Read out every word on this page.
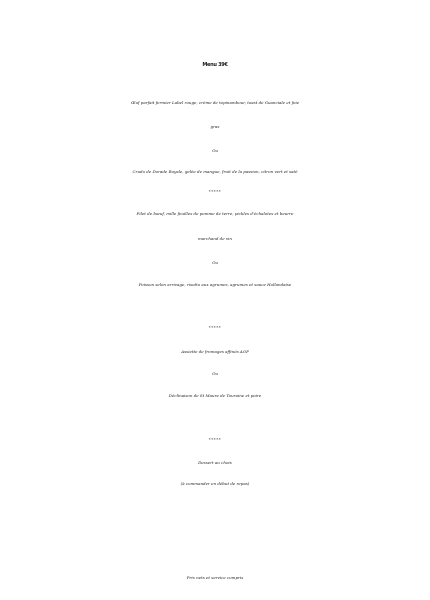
Menu 39€
Œuf parfait fermier Label rouge, crème de topinambour, toast de Guanciale et foie
gras
Ou
Crudo de Dorade Royale, gelée de mangue, fruit de la passion, citron vert et saté
*****
Filet de bœuf, mille feuilles de pomme de terre, pickles d'échalotes et beurre
marchand de vin
Ou
Poisson selon arrivage, risotto aux agrumes, agrumes et sauce Hollandaise
*****
Assiette de fromages affinés AOP
Ou
Déclinaison de St Maure de Touraine et poire
*****
Dessert au choix
(à commander en début de repas)
Prix nets et service compris
